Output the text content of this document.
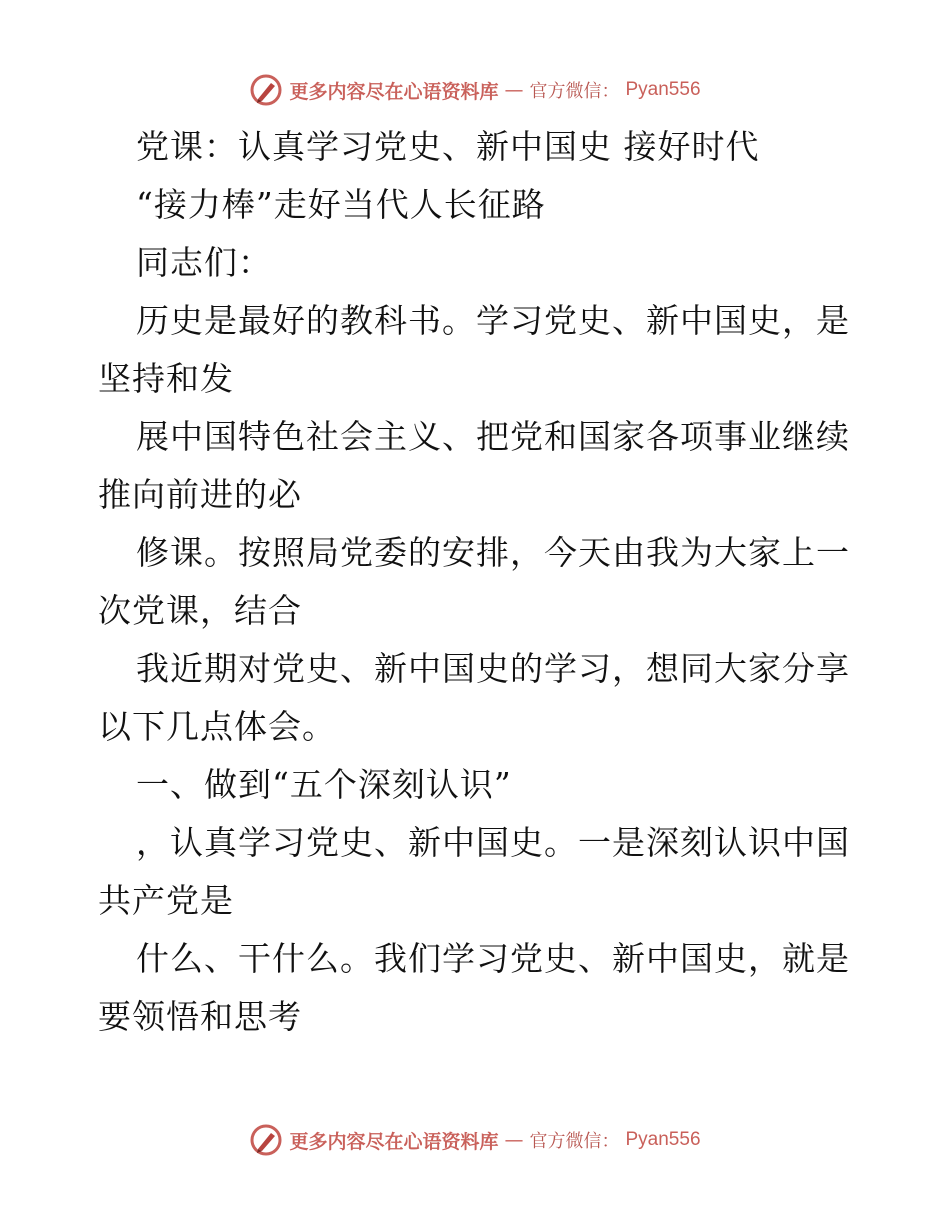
更多内容尽在心语资料库 — 官方微信： Pyan556
党课：认真学习党史、新中国史 接好时代
“接力棒”走好当代人长征路
同志们：
历史是最好的教科书。学习党史、新中国史，是
坚持和发
展中国特色社会主义、把党和国家各项事业继续
推向前进的必
修课。按照局党委的安排，今天由我为大家上一
次党课，结合
我近期对党史、新中国史的学习，想同大家分享
以下几点体会。
一、做到“五个深刻认识”
，认真学习党史、新中国史。一是深刻认识中国
共产党是
什么、干什么。我们学习党史、新中国史，就是
要领悟和思考
更多内容尽在心语资料库 — 官方微信： Pyan556
